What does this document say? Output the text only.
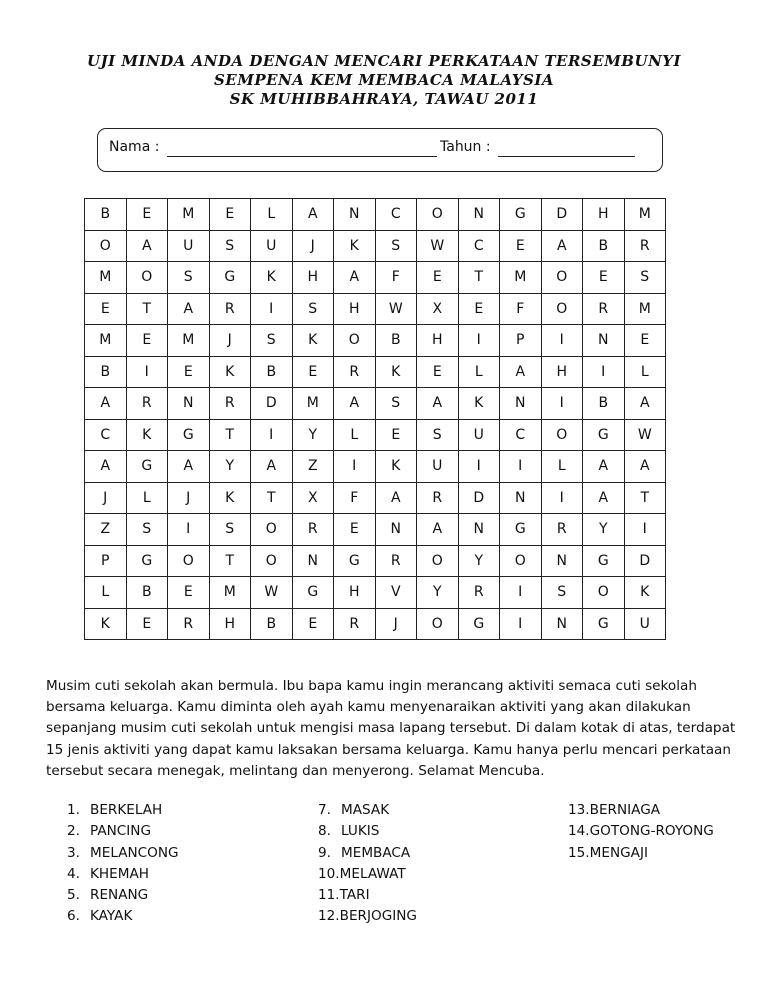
UJI MINDA ANDA DENGAN MENCARI PERKATAAN TERSEMBUNYI
SEMPENA KEM MEMBACA MALAYSIA
SK MUHIBBAHRAYA, TAWAU 2011
Nama :	Tahun :
B	E	M	E	L	A	N	C	O	N	G	D	H	M
O	A	U	S	U	J	K	S	W	C	E	A	B	R
M	O	S	G	K	H	A	F	E	T	M	O	E	S
E	T	A	R	I	S	H	W	X	E	F	O	R	M
M	E	M	J	S	K	O	B	H	I	P	I	N	E
B	I	E	K	B	E	R	K	E	L	A	H	I	L
A	R	N	R	D	M	A	S	A	K	N	I	B	A
C	K	G	T	I	Y	L	E	S	U	C	O	G	W
A	G	A	Y	A	Z	I	K	U	I	I	L	A	A
J	L	J	K	T	X	F	A	R	D	N	I	A	T
Z	S	I	S	O	R	E	N	A	N	G	R	Y	I
P	G	O	T	O	N	G	R	O	Y	O	N	G	D
L	B	E	M	W	G	H	V	Y	R	I	S	O	K
K	E	R	H	B	E	R	J	O	G	I	N	G	U
Musim cuti sekolah akan bermula. Ibu bapa kamu ingin merancang aktiviti semaca cuti sekolah
bersama keluarga. Kamu diminta oleh ayah kamu menyenaraikan aktiviti yang akan dilakukan
sepanjang musim cuti sekolah untuk mengisi masa lapang tersebut. Di dalam kotak di atas, terdapat
15 jenis aktiviti yang dapat kamu laksakan bersama keluarga. Kamu hanya perlu mencari perkataan
tersebut secara menegak, melintang dan menyerong. Selamat Mencuba.
1. BERKELAH
2. PANCING
3. MELANCONG
4. KHEMAH
5. RENANG
6. KAYAK
7. MASAK
8. LUKIS
9. MEMBACA
10.MELAWAT
11.TARI
12.BERJOGING
13.BERNIAGA
14.GOTONG-ROYONG
15.MENGAJI
